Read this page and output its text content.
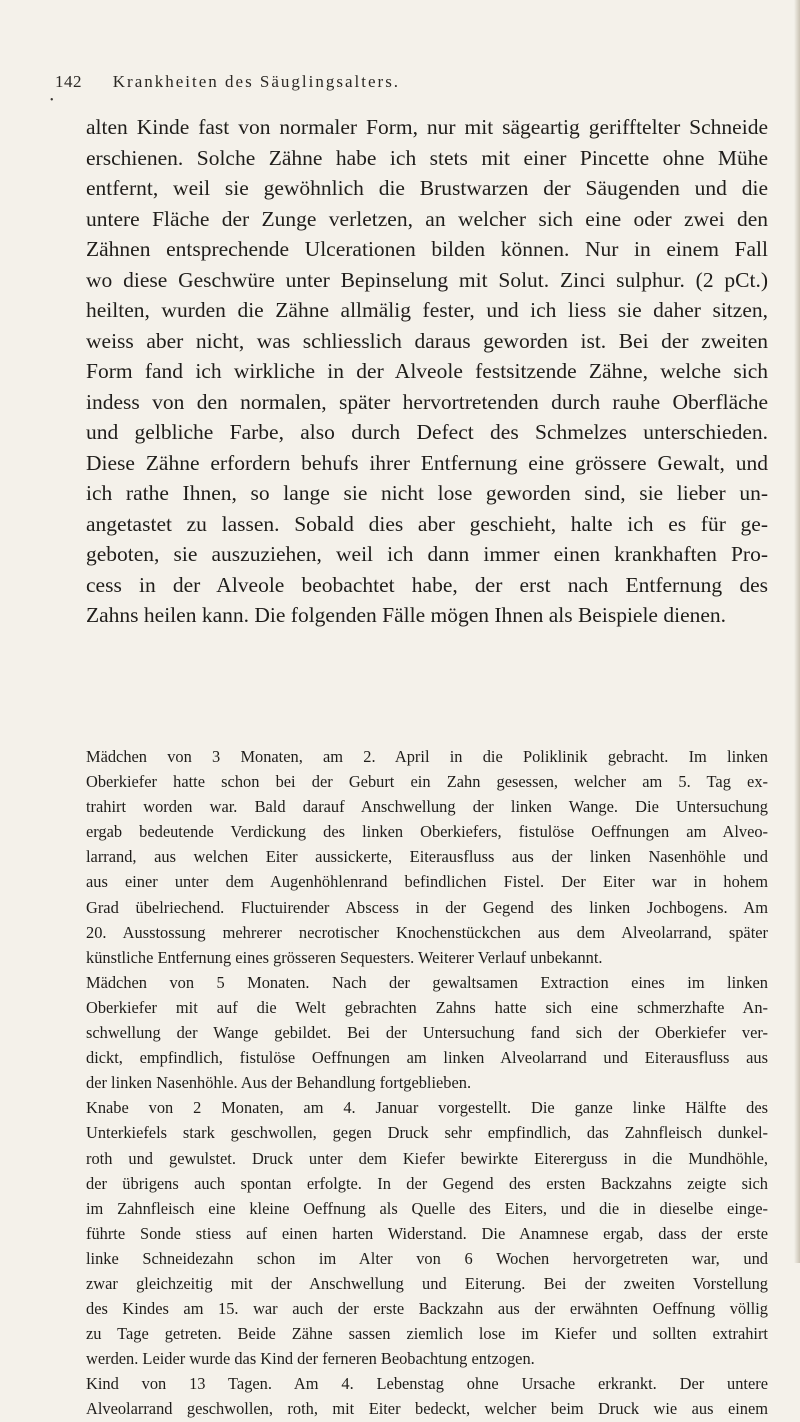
142 Krankheiten des Säuglingsalters.
•
alten Kinde fast von normaler Form, nur mit sägeartig gerifftelter Schneide
erschienen. Solche Zähne habe ich stets mit einer Pincette ohne Mühe
entfernt, weil sie gewöhnlich die Brustwarzen der Säugenden und die
untere Fläche der Zunge verletzen, an welcher sich eine oder zwei den
Zähnen entsprechende Ulcerationen bilden können. Nur in einem Fall
wo diese Geschwüre unter Bepinselung mit Solut. Zinci sulphur. (2 pCt.)
heilten, wurden die Zähne allmälig fester, und ich liess sie daher sitzen,
weiss aber nicht, was schliesslich daraus geworden ist. Bei der zweiten
Form fand ich wirkliche in der Alveole festsitzende Zähne, welche sich
indess von den normalen, später hervortretenden durch rauhe Oberfläche
und gelbliche Farbe, also durch Defect des Schmelzes unterschieden.
Diese Zähne erfordern behufs ihrer Entfernung eine grössere Gewalt, und
ich rathe Ihnen, so lange sie nicht lose geworden sind, sie lieber un-
angetastet zu lassen. Sobald dies aber geschieht, halte ich es für ge-
geboten, sie auszuziehen, weil ich dann immer einen krankhaften Pro-
cess in der Alveole beobachtet habe, der erst nach Entfernung des
Zahns heilen kann. Die folgenden Fälle mögen Ihnen als Beispiele dienen.
Mädchen von 3 Monaten, am 2. April in die Poliklinik gebracht. Im linken
Oberkiefer hatte schon bei der Geburt ein Zahn gesessen, welcher am 5. Tag ex-
trahirt worden war. Bald darauf Anschwellung der linken Wange. Die Untersuchung
ergab bedeutende Verdickung des linken Oberkiefers, fistulöse Oeffnungen am Alveo-
larrand, aus welchen Eiter aussickerte, Eiterausfluss aus der linken Nasenhöhle und
aus einer unter dem Augenhöhlenrand befindlichen Fistel. Der Eiter war in hohem
Grad übelriechend. Fluctuirender Abscess in der Gegend des linken Jochbogens. Am
20. Ausstossung mehrerer necrotischer Knochenstückchen aus dem Alveolarrand, später
künstliche Entfernung eines grösseren Sequesters. Weiterer Verlauf unbekannt.
Mädchen von 5 Monaten. Nach der gewaltsamen Extraction eines im linken
Oberkiefer mit auf die Welt gebrachten Zahns hatte sich eine schmerzhafte An-
schwellung der Wange gebildet. Bei der Untersuchung fand sich der Oberkiefer ver-
dickt, empfindlich, fistulöse Oeffnungen am linken Alveolarrand und Eiterausfluss aus
der linken Nasenhöhle. Aus der Behandlung fortgeblieben.
Knabe von 2 Monaten, am 4. Januar vorgestellt. Die ganze linke Hälfte des
Unterkiefels stark geschwollen, gegen Druck sehr empfindlich, das Zahnfleisch dunkel-
roth und gewulstet. Druck unter dem Kiefer bewirkte Eitererguss in die Mundhöhle,
der übrigens auch spontan erfolgte. In der Gegend des ersten Backzahns zeigte sich
im Zahnfleisch eine kleine Oeffnung als Quelle des Eiters, und die in dieselbe einge-
führte Sonde stiess auf einen harten Widerstand. Die Anamnese ergab, dass der erste
linke Schneidezahn schon im Alter von 6 Wochen hervorgetreten war, und
zwar gleichzeitig mit der Anschwellung und Eiterung. Bei der zweiten Vorstellung
des Kindes am 15. war auch der erste Backzahn aus der erwähnten Oeffnung völlig
zu Tage getreten. Beide Zähne sassen ziemlich lose im Kiefer und sollten extrahirt
werden. Leider wurde das Kind der ferneren Beobachtung entzogen.
Kind von 13 Tagen. Am 4. Lebenstag ohne Ursache erkrankt. Der untere
Alveolarrand geschwollen, roth, mit Eiter bedeckt, welcher beim Druck wie aus einem
